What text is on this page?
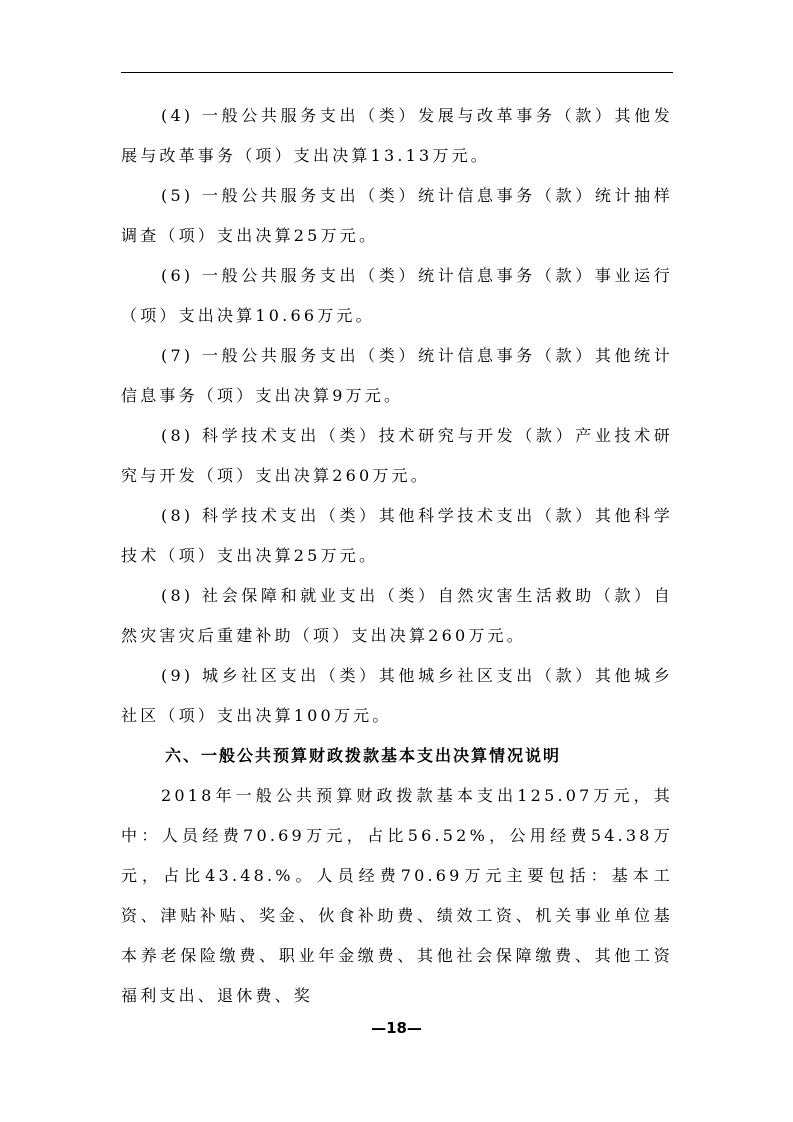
(4) 一般公共服务支出（类）发展与改革事务（款）其他发展与改革事务（项）支出决算13.13万元。

(5) 一般公共服务支出（类）统计信息事务（款）统计抽样调查（项）支出决算25万元。

(6) 一般公共服务支出（类）统计信息事务（款）事业运行（项）支出决算10.66万元。

(7) 一般公共服务支出（类）统计信息事务（款）其他统计信息事务（项）支出决算9万元。

(8) 科学技术支出（类）技术研究与开发（款）产业技术研究与开发（项）支出决算260万元。

(8) 科学技术支出（类）其他科学技术支出（款）其他科学技术（项）支出决算25万元。

(8) 社会保障和就业支出（类）自然灾害生活救助（款）自然灾害灾后重建补助（项）支出决算260万元。

(9) 城乡社区支出（类）其他城乡社区支出（款）其他城乡社区（项）支出决算100万元。

六、一般公共预算财政拨款基本支出决算情况说明

2018年一般公共预算财政拨款基本支出125.07万元，其中：人员经费70.69万元，占比56.52%，公用经费54.38万元，占比43.48.%。人员经费70.69万元主要包括：基本工资、津贴补贴、奖金、伙食补助费、绩效工资、机关事业单位基本养老保险缴费、职业年金缴费、其他社会保障缴费、其他工资福利支出、退休费、奖

—18—
